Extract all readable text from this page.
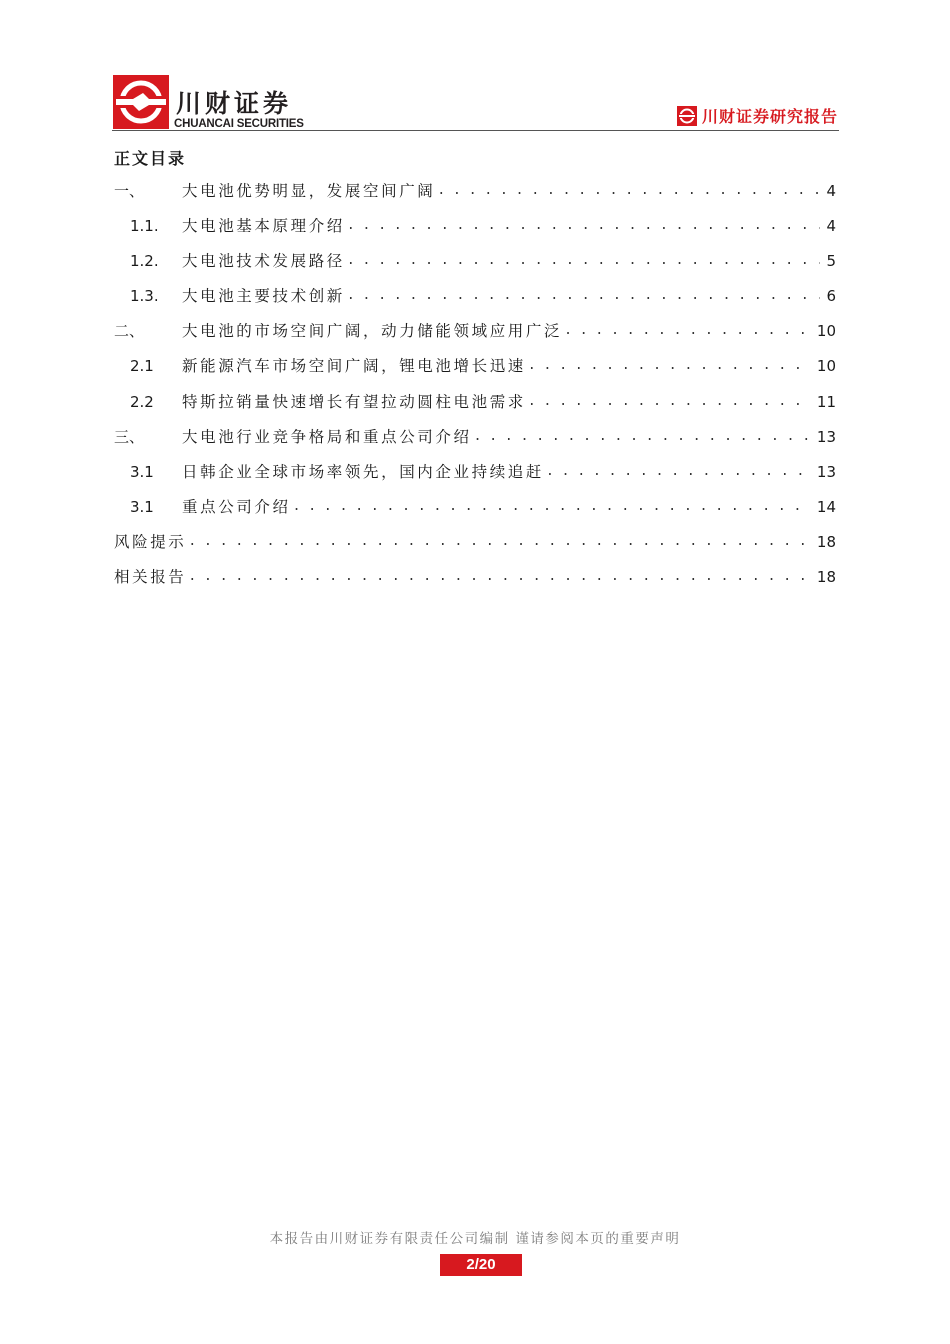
川财证券
CHUANCAI SECURITIES	川财证券研究报告
正文目录
一、	大电池优势明显，发展空间广阔 . . .	4
1.1.	大电池基本原理介绍 . . .	4
1.2.	大电池技术发展路径 . . .	5
1.3.	大电池主要技术创新 . . .	6
二、	大电池的市场空间广阔，动力储能领域应用广泛 . . .	10
2.1	新能源汽车市场空间广阔，锂电池增长迅速 . . .	10
2.2	特斯拉销量快速增长有望拉动圆柱电池需求 . . .	11
三、	大电池行业竞争格局和重点公司介绍 . . .	13
3.1	日韩企业全球市场率领先，国内企业持续追赶 . . .	13
3.1	重点公司介绍 . . .	14
风险提示 . . .	18
相关报告 . . .	18
本报告由川财证券有限责任公司编制 谨请参阅本页的重要声明
2/20
